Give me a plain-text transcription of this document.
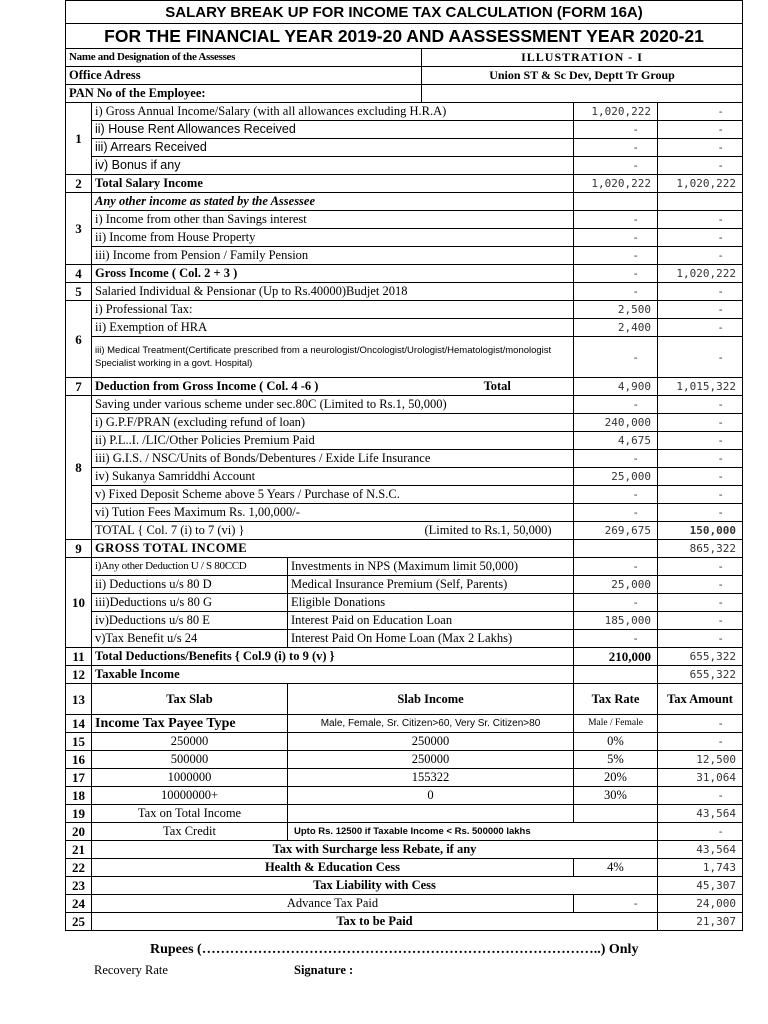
SALARY BREAK UP FOR INCOME TAX CALCULATION (FORM 16A)					
FOR THE FINANCIAL YEAR 2019-20 AND AASSESSMENT YEAR 2020-21					
Name and Designation of the Assesses			ILLUSTRATION - I		
Office Adress			Union ST & Sc Dev, Deptt Tr Group		
PAN No of the Employee:					
1	i) Gross Annual Income/Salary (with all allowances excluding H.R.A)			1,020,222	-
	ii) House Rent Allowances Received			-	-
	iii) Arrears Received			-	-
	iv) Bonus if any			-	-
2	Total Salary Income			1,020,222	1,020,222
3	Any other income as stated by the Assessee				
	i) Income from other than Savings interest			-	-
	ii) Income from House Property			-	-
	iii) Income from Pension / Family Pension			-	-
4	Gross Income ( Col. 2 + 3 )			-	1,020,222
5	Salaried Individual & Pensionar (Up to Rs.40000)Budjet 2018			-	-
6	i) Professional Tax:			2,500	-
	ii) Exemption of HRA			2,400	-
	iii) Medical Treatment(Certificate prescribed from a neurologist/Oncologist/Urologist/Hematologist/monologist Specialist working in a govt. Hospital)			-	-
7	Deduction from Gross Income ( Col. 4 -6 )		Total	4,900	1,015,322
8	Saving under various scheme under sec.80C (Limited to Rs.1, 50,000)			-	-
	i) G.P.F/PRAN (excluding refund of loan)			240,000	-
	ii) P.L..I. /LIC/Other Policies Premium Paid			4,675	-
	iii) G.I.S. / NSC/Units of Bonds/Debentures / Exide Life Insurance			-	-
	iv) Sukanya Samriddhi Account			25,000	-
	v) Fixed Deposit Scheme above 5 Years / Purchase of N.S.C.			-	-
	vi) Tution Fees Maximum Rs. 1,00,000/-			-	-
	TOTAL { Col. 7 (i) to 7 (vi) }		(Limited to Rs.1, 50,000)	269,675	150,000
9	GROSS TOTAL INCOME				865,322
10	i)Any other Deduction U / S 80CCD	Investments in NPS (Maximum limit 50,000)		-	-
	ii) Deductions u/s 80 D	Medical Insurance Premium (Self, Parents)		25,000	-
	iii)Deductions u/s 80 G	Eligible Donations		-	-
	iv)Deductions u/s 80 E	Interest Paid on Education Loan		185,000	-
	v)Tax Benefit u/s 24	Interest Paid On Home Loan (Max 2 Lakhs)		-	-
11	Total Deductions/Benefits { Col.9 (i) to 9 (v) }			210,000	655,322
12	Taxable Income				655,322
13	Tax Slab	Slab Income		Tax Rate	Tax Amount
14	Income Tax Payee Type	Male, Female, Sr. Citizen>60, Very Sr. Citizen>80		Male / Female	-
15	250000	250000		0%	-
16	500000	250000		5%	12,500
17	1000000	155322		20%	31,064
18	10000000+	0		30%	-
19	Tax on Total Income				43,564
20	Tax Credit	Upto Rs. 12500 if Taxable Income < Rs. 500000 lakhs			-
21	Tax with Surcharge less Rebate, if any				43,564
22	Health & Education Cess			4%	1,743
23	Tax Liability with Cess				45,307
24	Advance Tax Paid			-	24,000
25	Tax to be Paid				21,307
Rupees (…………………………………………………………………………..) Only
Recovery Rate	Signature :
